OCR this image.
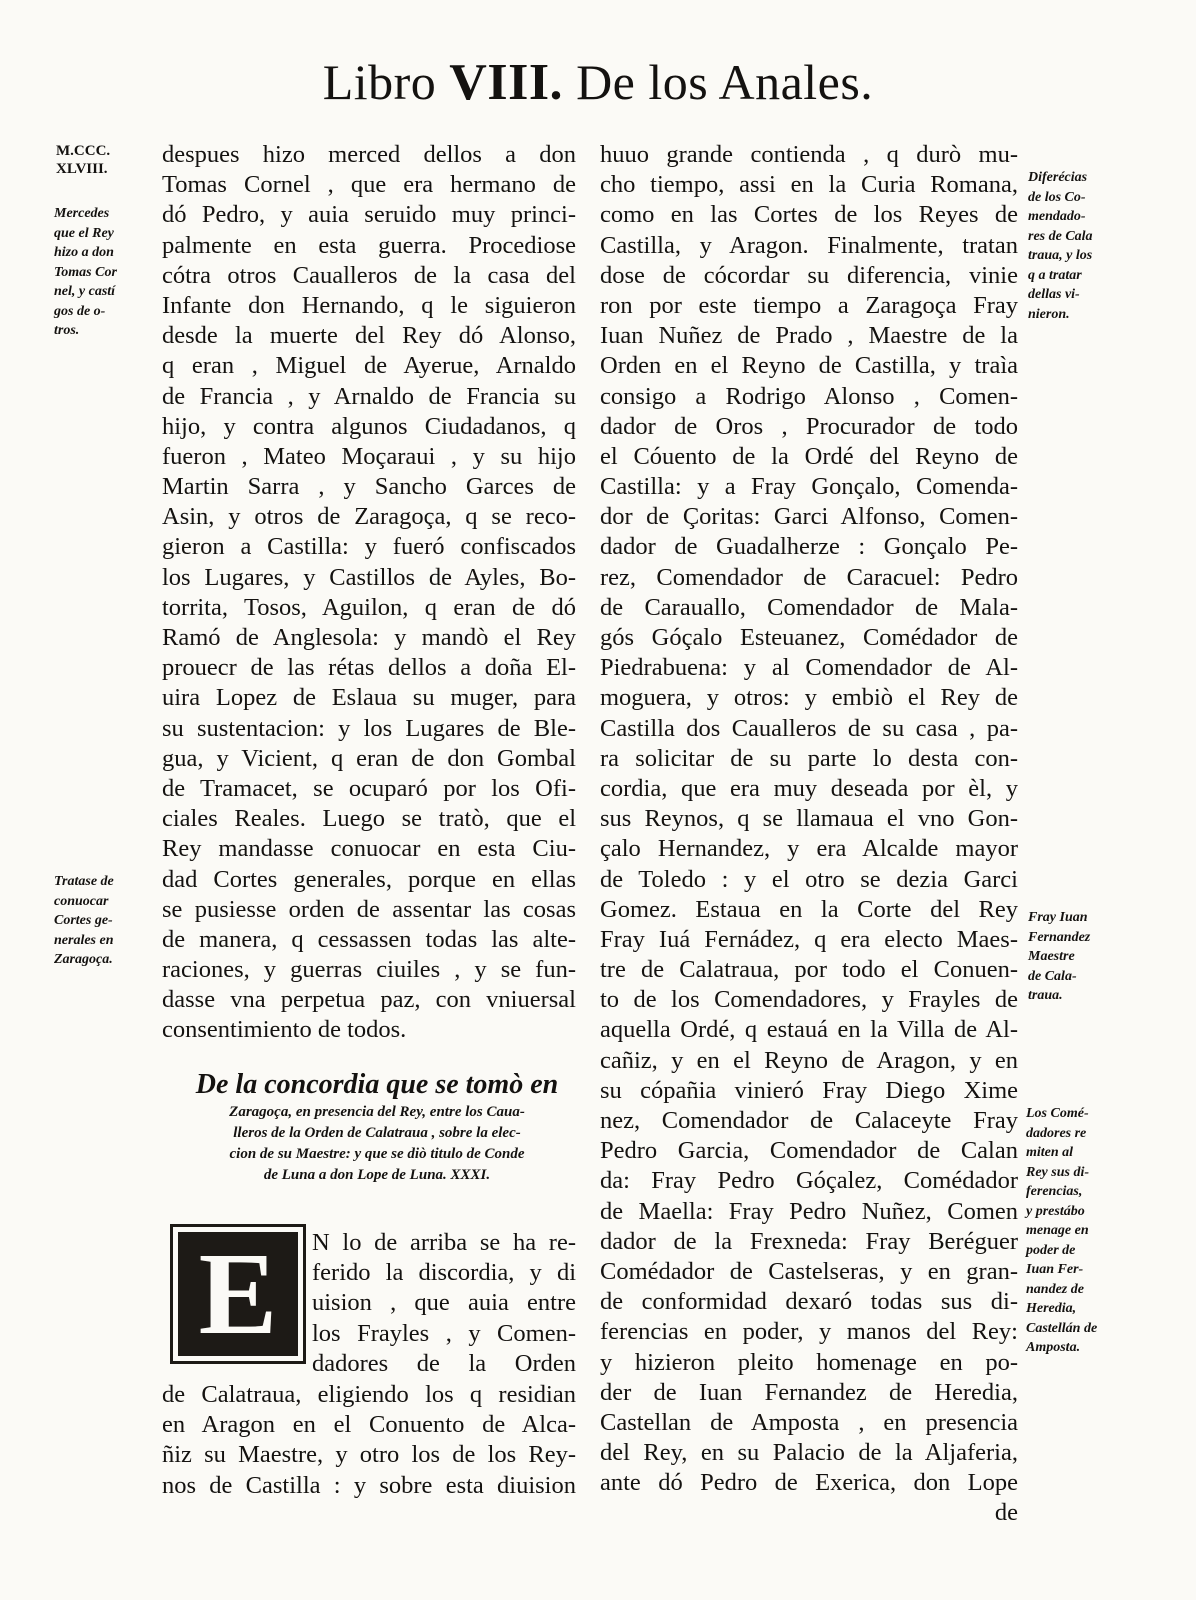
Libro VIII. De los Anales.
M.CCC.
XLVIII.
Mercedes
que el Rey
hizo a don
Tomas Cor
nel, y castí
gos de o-
tros.
Tratase de
conuocar
Cortes ge-
nerales en
Zaragoça.
despues hizo merced dellos a don
Tomas Cornel , que era hermano de
dó Pedro, y auia seruido muy princi-
palmente en esta guerra. Procediose
cótra otros Caualleros de la casa del
Infante don Hernando, q le siguieron
desde la muerte del Rey dó Alonso,
q eran , Miguel de Ayerue, Arnaldo
de Francia , y Arnaldo de Francia su
hijo, y contra algunos Ciudadanos, q
fueron , Mateo Moçaraui , y su hijo
Martin Sarra , y Sancho Garces de
Asin, y otros de Zaragoça, q se reco-
gieron a Castilla: y fueró confiscados
los Lugares, y Castillos de Ayles, Bo-
torrita, Tosos, Aguilon, q eran de dó
Ramó de Anglesola: y mandò el Rey
prouecr de las rétas dellos a doña El-
uira Lopez de Eslaua su muger, para
su sustentacion: y los Lugares de Ble-
gua, y Vicient, q eran de don Gombal
de Tramacet, se ocuparó por los Ofi-
ciales Reales. Luego se tratò, que el
Rey mandasse conuocar en esta Ciu-
dad Cortes generales, porque en ellas
se pusiesse orden de assentar las cosas
de manera, q cessassen todas las alte-
raciones, y guerras ciuiles , y se fun-
dasse vna perpetua paz, con vniuersal
consentimiento de todos.
De la concordia que se tomò en
Zaragoça, en presencia del Rey, entre los Caua-
lleros de la Orden de Calatraua , sobre la elec-
cion de su Maestre: y que se diò titulo de Conde
de Luna a don Lope de Luna. XXXI.
E	N lo de arriba se ha re-
ferido la discordia, y di
uision , que auia entre
los Frayles , y Comen-
dadores de la Orden
de Calatraua, eligiendo los q residian
en Aragon en el Conuento de Alca-
ñiz su Maestre, y otro los de los Rey-
nos de Castilla : y sobre esta diuision
huuo grande contienda , q durò mu-
cho tiempo, assi en la Curia Romana,
como en las Cortes de los Reyes de
Castilla, y Aragon. Finalmente, tratan
dose de cócordar su diferencia, vinie
ron por este tiempo a Zaragoça Fray
Iuan Nuñez de Prado , Maestre de la
Orden en el Reyno de Castilla, y traìa
consigo a Rodrigo Alonso , Comen-
dador de Oros , Procurador de todo
el Cóuento de la Ordé del Reyno de
Castilla: y a Fray Gonçalo, Comenda-
dor de Çoritas: Garci Alfonso, Comen-
dador de Guadalherze : Gonçalo Pe-
rez, Comendador de Caracuel: Pedro
de Carauallo, Comendador de Mala-
gós Góçalo Esteuanez, Comédador de
Piedrabuena: y al Comendador de Al-
moguera, y otros: y embiò el Rey de
Castilla dos Caualleros de su casa , pa-
ra solicitar de su parte lo desta con-
cordia, que era muy deseada por èl, y
sus Reynos, q se llamaua el vno Gon-
çalo Hernandez, y era Alcalde mayor
de Toledo : y el otro se dezia Garci
Gomez. Estaua en la Corte del Rey
Fray Iuá Fernádez, q era electo Maes-
tre de Calatraua, por todo el Conuen-
to de los Comendadores, y Frayles de
aquella Ordé, q estauá en la Villa de Al-
cañiz, y en el Reyno de Aragon, y en
su cópañia vinieró Fray Diego Xime
nez, Comendador de Calaceyte Fray
Pedro Garcia, Comendador de Calan
da: Fray Pedro Góçalez, Comédador
de Maella: Fray Pedro Nuñez, Comen
dador de la Frexneda: Fray Beréguer
Comédador de Castelseras, y en gran-
de conformidad dexaró todas sus di-
ferencias en poder, y manos del Rey:
y hizieron pleito homenage en po-
der de Iuan Fernandez de Heredia,
Castellan de Amposta , en presencia
del Rey, en su Palacio de la Aljaferia,
ante dó Pedro de Exerica, don Lope
de
Diferécias
de los Co-
mendado-
res de Cala
traua, y los
q a tratar
dellas vi-
nieron.
Fray Iuan
Fernandez
Maestre
de Cala-
traua.
Los Comé-
dadores re
miten al
Rey sus di-
ferencias,
y prestábo
menage en
poder de
Iuan Fer-
nandez de
Heredia,
Castellán de
Amposta.
